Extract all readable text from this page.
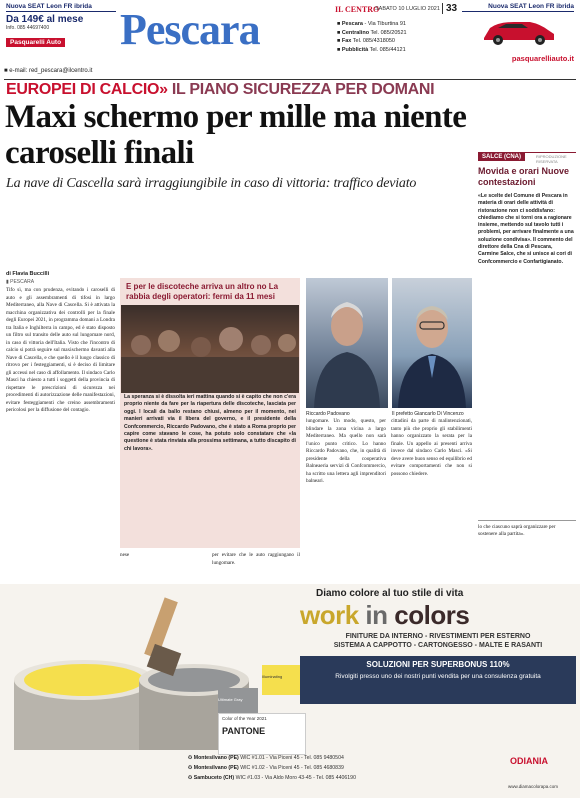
Nuova SEAT Leon FR ibrida
Da 149€ al mese
Info. 085 44697400
Pasquarelli Auto	Pescara	IL CENTRO
SABATO 10 LUGLIO 2021 33
■ Pescara - Via Tiburtina 91
■ Centralino Tel. 085/20521
■ Fax Tel. 085/4318050
■ Pubblicità Tel. 085/44121
Nuova SEAT Leon FR ibrida
pasquarelliauto.it
■ e-mail: red_pescara@ilcentro.it
EUROPEI DI CALCIO» IL PIANO SICUREZZA PER DOMANI
Maxi schermo per mille ma niente caroselli finali
La nave di Cascella sarà irraggiungibile in caso di vittoria: traffico deviato
di Flavia Buccilli
▮ PESCARA
Tifo sì, ma con prudenza, evitando i caroselli di auto e gli assembramenti di tifosi in largo Mediterraneo, alla Nave di Cascella. Si è attivata la macchina organizzativa dei controlli per la finale degli Europei 2021, in programma domani a Londra tra Italia e Inghilterra in campo, ed è stato disposto un filtro sul transito delle auto sul lungomare nord, in caso di vittoria dell'Italia. Visto che l'incontro di calcio si potrà seguire sul maxischermo davanti alla Nave di Cascella, e che quello è il luogo classico di ritrovo per i festeggiamenti, si è deciso di limitare gli accessi nel caso di affollamento. Il sindaco Carlo Masci ha chiesto a tutti i soggetti della provincia di rispettare le prescrizioni di sicurezza nei procedimenti di autorizzazione delle manifestazioni, evitare festeggiamenti che creino assembramenti pericolosi per la diffusione del contagio.
E per le discoteche arriva un altro no La rabbia degli operatori: fermi da 11 mesi
La speranza si è dissolta ieri mattina quando si è capito che non c'era proprio niente da fare per la riapertura delle discoteche, lasciata per oggi. I locali da ballo restano chiusi, almeno per il momento, nei manieri arrivati via il libera del governo, e il presidente della Confcommercio, Riccardo Padovano, che è stato a Roma proprio per capire come stavano le cose, ha potuto solo constatare che «la questione è stata rinviata alla prossima settimana, a tutto discapito di chi lavora».
nese	per evitare che le auto raggiungano il lungomare.
Riccardo Padovano	Il prefetto Giancarlo Di Vincenzo
lungomare. Un modo, questo, per blindare la zona vicina a largo Mediterraneo. Ma quello non sarà l'unico punto critico. Lo hanno Riccardo Padovano, che, in qualità di presidente della cooperativa Balneaeria servizi di Confcommercio, ha scritto una lettera agli imprenditori balneari.
cittadini da parte di malintenzionati, tanto più che proprio gli stabilimenti hanno organizzato la serata per la finale. Un appello ai presenti arriva invece dal sindaco Carlo Masci. «Si deve avere buon senso ed equilibrio ed evitare comportamenti che non si possono chiedere.
SALCE (CNA)	RIPRODUZIONE RISERVATA
Movida e orari Nuove contestazioni
«Le scelte del Comune di Pescara in materia di orari delle attività di ristorazione non ci soddisfano: chiediamo che si torni ora a ragionare insieme, mettendo sul tavolo tutti i problemi, per arrivare finalmente a una soluzione condivisa». Il commento del direttore della Cna di Pescara, Carmine Salce, che si unisce ai cori di Confcommercio e Confartigianato.
lo che ciascuno saprà organizzare per sostenere alla partita».
Illuminating
Ultimate Gray
Color of the Year 2021
PANTONE
Diamo colore al tuo stile di vita
work in colors
FINITURE DA INTERNO - RIVESTIMENTI PER ESTERNO
SISTEMA A CAPPOTTO - CARTONGESSO - MALTE E RASANTI
SOLUZIONI PER SUPERBONUS 110%
Rivolgiti presso uno dei nostri punti vendita per una consulenza gratuita
✪ Montesilvano (PE) WIC #1.01 - Via Piceni 45 - Tel. 085 9480504
✪ Montesilvano (PE) WIC #1.02 - Via Piceni 45 - Tel. 085 4680839
✪ Sambuceto (CH) WIC #1.03 - Via Aldo Moro 43-45 - Tel. 085 4406190
ODIANIA
www.diamacolorapa.com
